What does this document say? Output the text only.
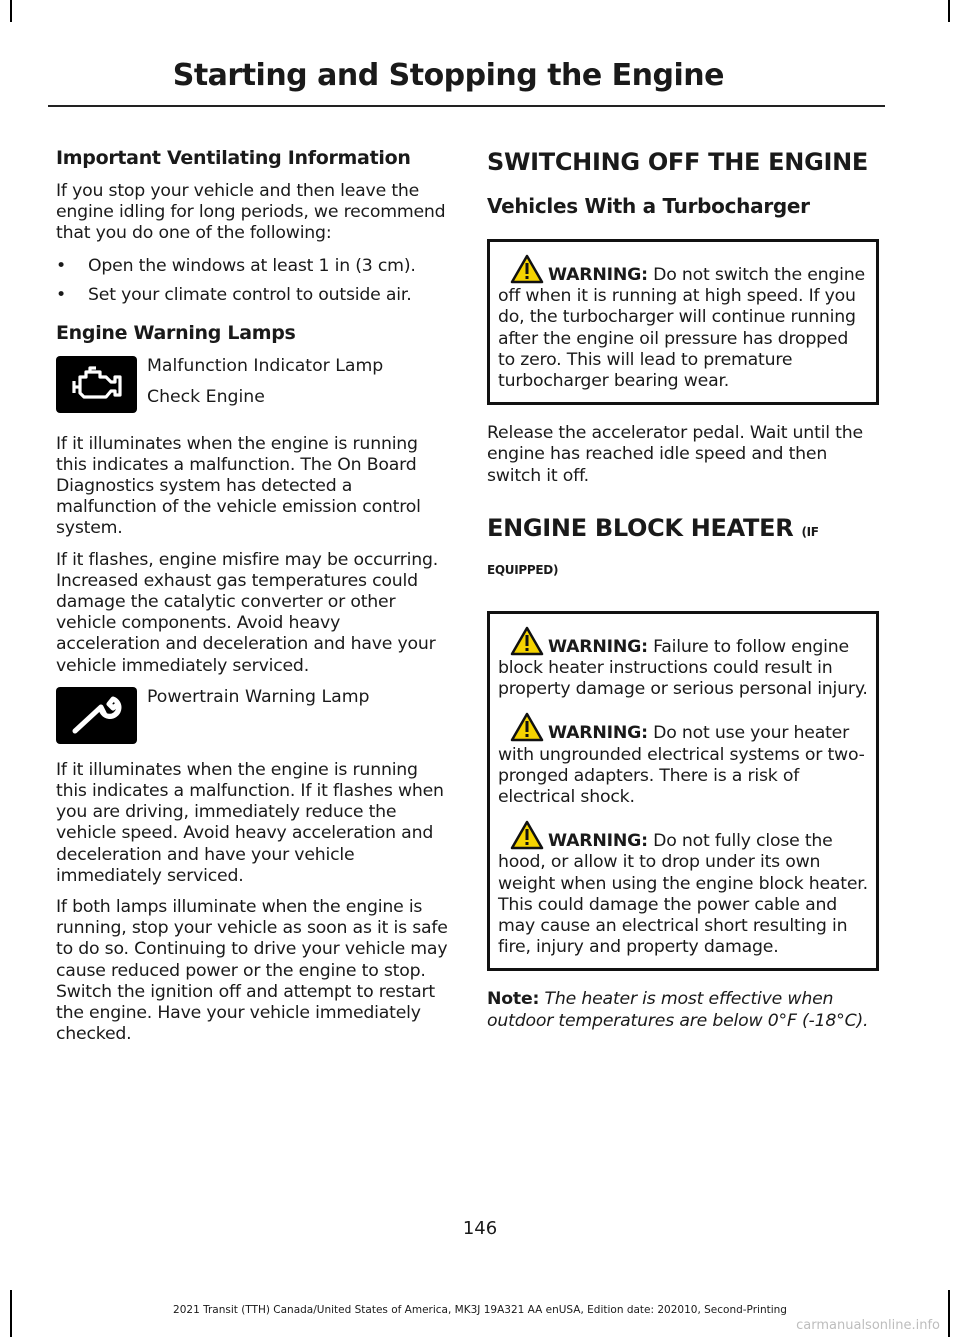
Starting and Stopping the Engine
Important Ventilating Information

If you stop your vehicle and then leave the engine idling for long periods, we recommend that you do one of the following:

•	Open the windows at least 1 in (3 cm).
•	Set your climate control to outside air.
Engine Warning Lamps
Malfunction Indicator Lamp
Check Engine

If it illuminates when the engine is running this indicates a malfunction. The On Board Diagnostics system has detected a malfunction of the vehicle emission control system.

If it flashes, engine misfire may be occurring. Increased exhaust gas temperatures could damage the catalytic converter or other vehicle components. Avoid heavy acceleration and deceleration and have your vehicle immediately serviced.

Powertrain Warning Lamp

If it illuminates when the engine is running this indicates a malfunction. If it flashes when you are driving, immediately reduce the vehicle speed. Avoid heavy acceleration and deceleration and have your vehicle immediately serviced.

If both lamps illuminate when the engine is running, stop your vehicle as soon as it is safe to do so. Continuing to drive your vehicle may cause reduced power or the engine to stop. Switch the ignition off and attempt to restart the engine. Have your vehicle immediately checked.

SWITCHING OFF THE ENGINE
Vehicles With a Turbocharger
WARNING: Do not switch the engine off when it is running at high speed. If you do, the turbocharger will continue running after the engine oil pressure has dropped to zero. This will lead to premature turbocharger bearing wear.

Release the accelerator pedal. Wait until the engine has reached idle speed and then switch it off.

ENGINE BLOCK HEATER (IF EQUIPPED)
WARNING: Failure to follow engine block heater instructions could result in property damage or serious personal injury.
WARNING: Do not use your heater with ungrounded electrical systems or two-pronged adapters. There is a risk of electrical shock.
WARNING: Do not fully close the hood, or allow it to drop under its own weight when using the engine block heater. This could damage the power cable and may cause an electrical short resulting in fire, injury and property damage.

Note: The heater is most effective when outdoor temperatures are below 0°F (-18°C).

146
2021 Transit (TTH) Canada/United States of America, MK3J 19A321 AA enUSA, Edition date: 202010, Second-Printing
carmanualsonline.info
